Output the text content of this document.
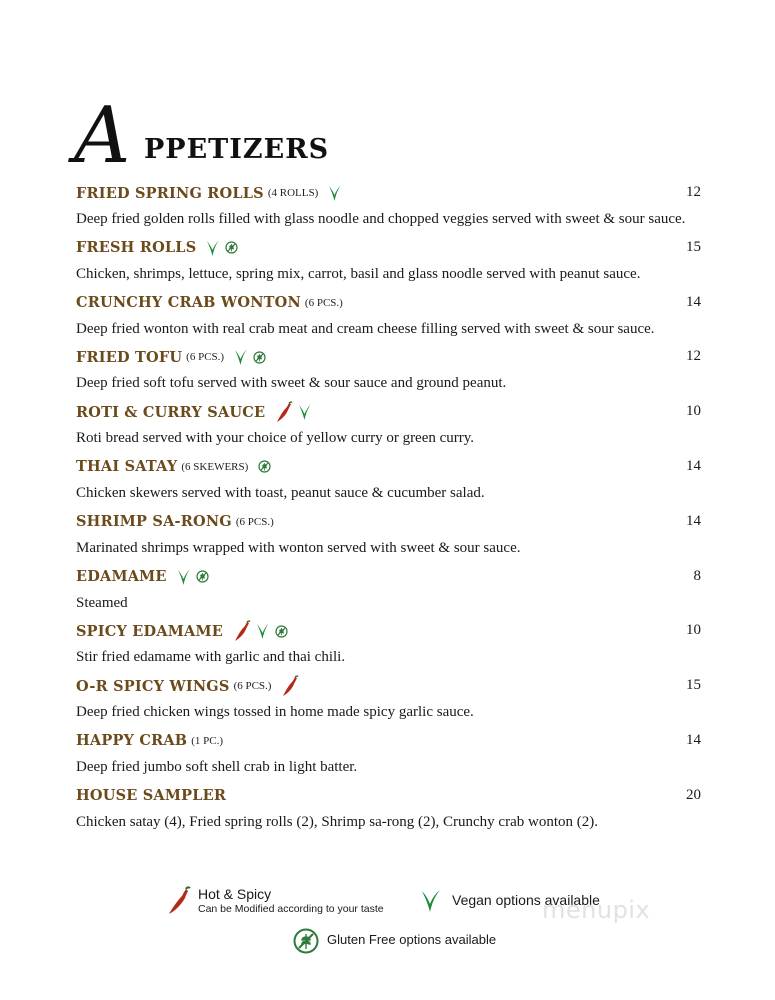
A PPETIZERS
FRIED SPRING ROLLS (4 ROLLS)	12
Deep fried golden rolls filled with glass noodle and chopped veggies served with sweet & sour sauce.
FRESH ROLLS	15
Chicken, shrimps, lettuce, spring mix, carrot, basil and glass noodle served with peanut sauce.
CRUNCHY CRAB WONTON (6 PCS.)	14
Deep fried wonton with real crab meat and cream cheese filling served with sweet & sour sauce.
FRIED TOFU (6 PCS.)	12
Deep fried soft tofu served with sweet & sour sauce and ground peanut.
ROTI & CURRY SAUCE	10
Roti bread served with your choice of yellow curry or green curry.
THAI SATAY (6 SKEWERS)	14
Chicken skewers served with toast, peanut sauce & cucumber salad.
SHRIMP SA-RONG (6 PCS.)	14
Marinated shrimps wrapped with wonton served with sweet & sour sauce.
EDAMAME	8
Steamed
SPICY EDAMAME	10
Stir fried edamame with garlic and thai chili.
O-R SPICY WINGS (6 PCS.)	15
Deep fried chicken wings tossed in home made spicy garlic sauce.
HAPPY CRAB (1 PC.)	14
Deep fried jumbo soft shell crab in light batter.
HOUSE SAMPLER	20
Chicken satay (4), Fried spring rolls (2), Shrimp sa-rong (2), Crunchy crab wonton (2).
Hot & Spicy
Can be Modified according to your taste
Vegan options available
Gluten Free options available
menupix
